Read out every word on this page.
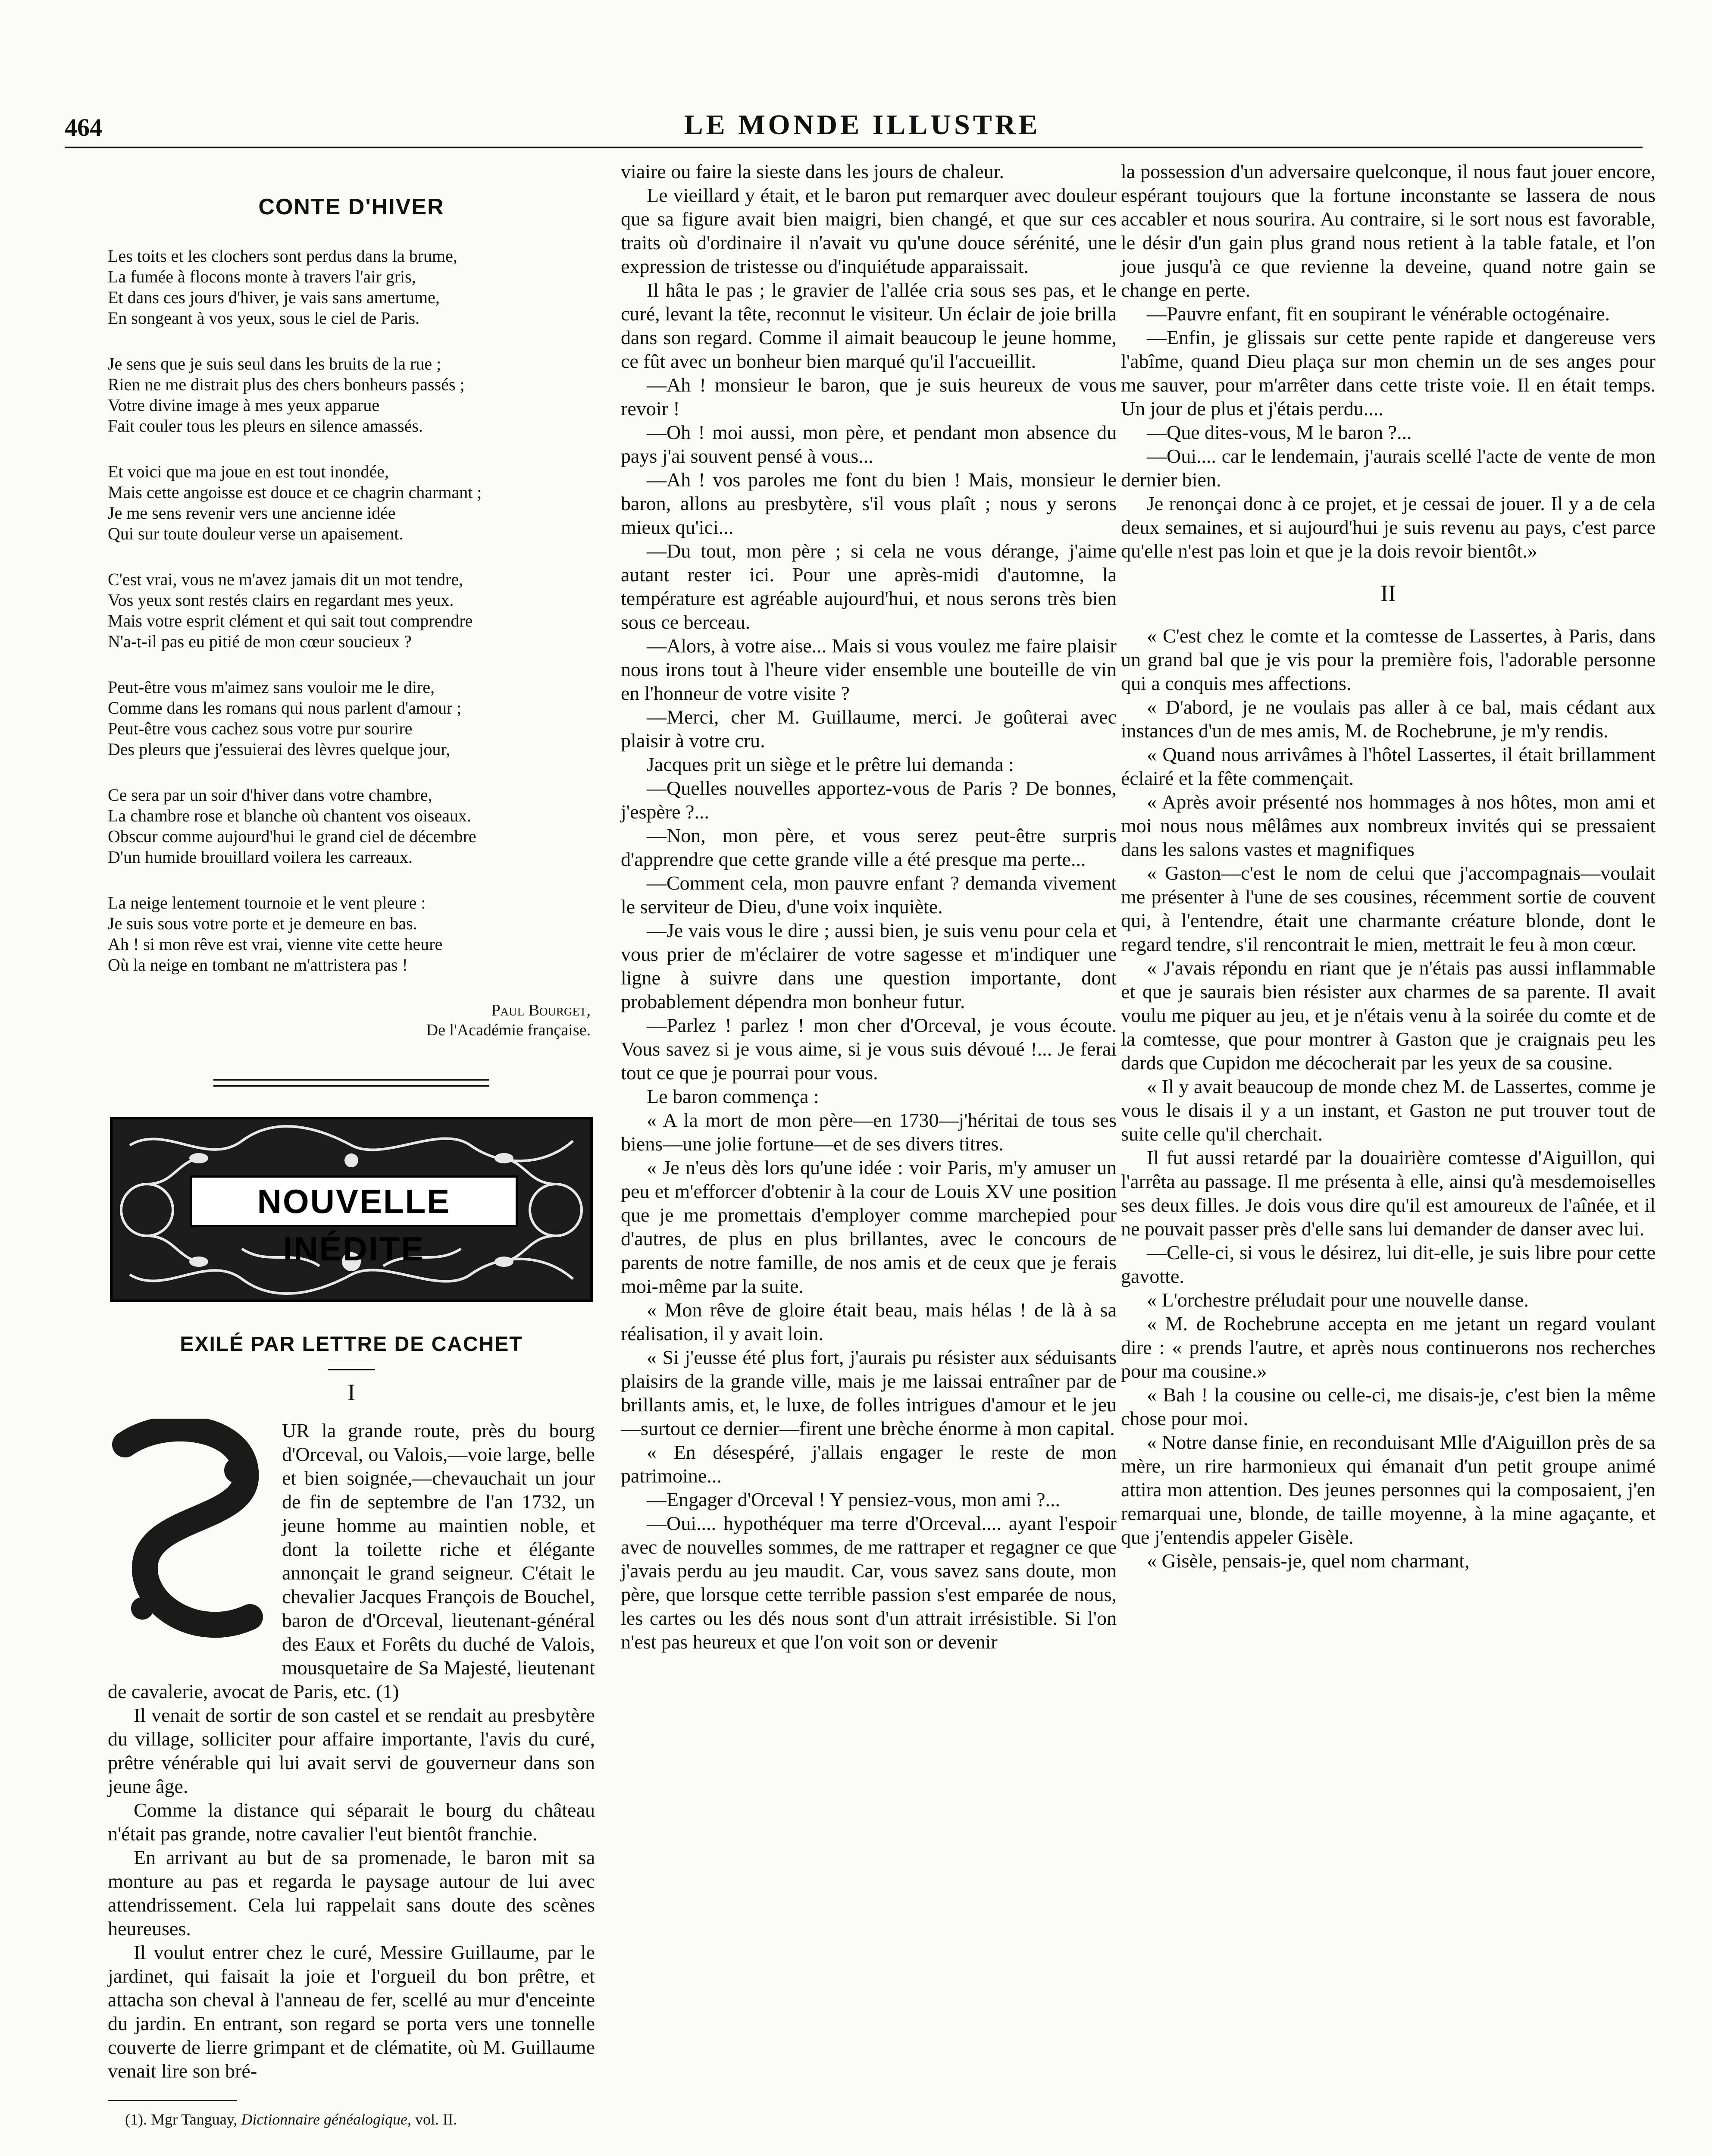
464	LE MONDE ILLUSTRE
CONTE D'HIVER
Les toits et les clochers sont perdus dans la brume,
La fumée à flocons monte à travers l'air gris,
Et dans ces jours d'hiver, je vais sans amertume,
En songeant à vos yeux, sous le ciel de Paris.
Je sens que je suis seul dans les bruits de la rue ;
Rien ne me distrait plus des chers bonheurs passés ;
Votre divine image à mes yeux apparue
Fait couler tous les pleurs en silence amassés.
Et voici que ma joue en est tout inondée,
Mais cette angoisse est douce et ce chagrin charmant ;
Je me sens revenir vers une ancienne idée
Qui sur toute douleur verse un apaisement.
C'est vrai, vous ne m'avez jamais dit un mot tendre,
Vos yeux sont restés clairs en regardant mes yeux.
Mais votre esprit clément et qui sait tout comprendre
N'a-t-il pas eu pitié de mon cœur soucieux ?
Peut-être vous m'aimez sans vouloir me le dire,
Comme dans les romans qui nous parlent d'amour ;
Peut-être vous cachez sous votre pur sourire
Des pleurs que j'essuierai des lèvres quelque jour,
Ce sera par un soir d'hiver dans votre chambre,
La chambre rose et blanche où chantent vos oiseaux.
Obscur comme aujourd'hui le grand ciel de décembre
D'un humide brouillard voilera les carreaux.
La neige lentement tournoie et le vent pleure :
Je suis sous votre porte et je demeure en bas.
Ah ! si mon rêve est vrai, vienne vite cette heure
Où la neige en tombant ne m'attristera pas !
Paul Bourget,
De l'Académie française.
NOUVELLE INÉDITE
EXILÉ PAR LETTRE DE CACHET
I

UR la grande route, près du bourg d'Orceval, ou Valois,—voie large, belle et bien soignée,—chevauchait un jour de fin de septembre de l'an 1732, un jeune homme au maintien noble, et dont la toilette riche et élégante annonçait le grand seigneur. C'était le chevalier Jacques François de Bouchel, baron de d'Orceval, lieutenant-général des Eaux et Forêts du duché de Valois, mousquetaire de Sa Majesté, lieutenant de cavalerie, avocat de Paris, etc. (1)

Il venait de sortir de son castel et se rendait au presbytère du village, solliciter pour affaire importante, l'avis du curé, prêtre vénérable qui lui avait servi de gouverneur dans son jeune âge.

Comme la distance qui séparait le bourg du château n'était pas grande, notre cavalier l'eut bientôt franchie.

En arrivant au but de sa promenade, le baron mit sa monture au pas et regarda le paysage autour de lui avec attendrissement. Cela lui rappelait sans doute des scènes heureuses.

Il voulut entrer chez le curé, Messire Guillaume, par le jardinet, qui faisait la joie et l'orgueil du bon prêtre, et attacha son cheval à l'anneau de fer, scellé au mur d'enceinte du jardin. En entrant, son regard se porta vers une tonnelle couverte de lierre grimpant et de clématite, où M. Guillaume venait lire son bré-

(1). Mgr Tanguay, Dictionnaire généalogique, vol. II.

viaire ou faire la sieste dans les jours de chaleur.

Le vieillard y était, et le baron put remarquer avec douleur que sa figure avait bien maigri, bien changé, et que sur ces traits où d'ordinaire il n'avait vu qu'une douce sérénité, une expression de tristesse ou d'inquiétude apparaissait.

Il hâta le pas ; le gravier de l'allée cria sous ses pas, et le curé, levant la tête, reconnut le visiteur. Un éclair de joie brilla dans son regard. Comme il aimait beaucoup le jeune homme, ce fût avec un bonheur bien marqué qu'il l'accueillit.

—Ah ! monsieur le baron, que je suis heureux de vous revoir !

—Oh ! moi aussi, mon père, et pendant mon absence du pays j'ai souvent pensé à vous...

—Ah ! vos paroles me font du bien ! Mais, monsieur le baron, allons au presbytère, s'il vous plaît ; nous y serons mieux qu'ici...

—Du tout, mon père ; si cela ne vous dérange, j'aime autant rester ici. Pour une après-midi d'automne, la température est agréable aujourd'hui, et nous serons très bien sous ce berceau.

—Alors, à votre aise... Mais si vous voulez me faire plaisir nous irons tout à l'heure vider ensemble une bouteille de vin en l'honneur de votre visite ?

—Merci, cher M. Guillaume, merci. Je goûterai avec plaisir à votre cru.

Jacques prit un siège et le prêtre lui demanda :

—Quelles nouvelles apportez-vous de Paris ? De bonnes, j'espère ?...

—Non, mon père, et vous serez peut-être surpris d'apprendre que cette grande ville a été presque ma perte...

—Comment cela, mon pauvre enfant ? demanda vivement le serviteur de Dieu, d'une voix inquiète.

—Je vais vous le dire ; aussi bien, je suis venu pour cela et vous prier de m'éclairer de votre sagesse et m'indiquer une ligne à suivre dans une question importante, dont probablement dépendra mon bonheur futur.

—Parlez ! parlez ! mon cher d'Orceval, je vous écoute. Vous savez si je vous aime, si je vous suis dévoué !... Je ferai tout ce que je pourrai pour vous.

Le baron commença :

« A la mort de mon père—en 1730—j'héritai de tous ses biens—une jolie fortune—et de ses divers titres.

« Je n'eus dès lors qu'une idée : voir Paris, m'y amuser un peu et m'efforcer d'obtenir à la cour de Louis XV une position que je me promettais d'employer comme marchepied pour d'autres, de plus en plus brillantes, avec le concours de parents de notre famille, de nos amis et de ceux que je ferais moi-même par la suite.

« Mon rêve de gloire était beau, mais hélas ! de là à sa réalisation, il y avait loin.

« Si j'eusse été plus fort, j'aurais pu résister aux séduisants plaisirs de la grande ville, mais je me laissai entraîner par de brillants amis, et, le luxe, de folles intrigues d'amour et le jeu—surtout ce dernier—firent une brèche énorme à mon capital.

« En désespéré, j'allais engager le reste de mon patrimoine...

—Engager d'Orceval ! Y pensiez-vous, mon ami ?...

—Oui.... hypothéquer ma terre d'Orceval.... ayant l'espoir avec de nouvelles sommes, de me rattraper et regagner ce que j'avais perdu au jeu maudit. Car, vous savez sans doute, mon père, que lorsque cette terrible passion s'est emparée de nous, les cartes ou les dés nous sont d'un attrait irrésistible. Si l'on n'est pas heureux et que l'on voit son or devenir

la possession d'un adversaire quelconque, il nous faut jouer encore, espérant toujours que la fortune inconstante se lassera de nous accabler et nous sourira. Au contraire, si le sort nous est favorable, le désir d'un gain plus grand nous retient à la table fatale, et l'on joue jusqu'à ce que revienne la deveine, quand notre gain se change en perte.

—Pauvre enfant, fit en soupirant le vénérable octogénaire.

—Enfin, je glissais sur cette pente rapide et dangereuse vers l'abîme, quand Dieu plaça sur mon chemin un de ses anges pour me sauver, pour m'arrêter dans cette triste voie. Il en était temps. Un jour de plus et j'étais perdu....

—Que dites-vous, M le baron ?...

—Oui.... car le lendemain, j'aurais scellé l'acte de vente de mon dernier bien.

Je renonçai donc à ce projet, et je cessai de jouer. Il y a de cela deux semaines, et si aujourd'hui je suis revenu au pays, c'est parce qu'elle n'est pas loin et que je la dois revoir bientôt.»

II

« C'est chez le comte et la comtesse de Lassertes, à Paris, dans un grand bal que je vis pour la première fois, l'adorable personne qui a conquis mes affections.

« D'abord, je ne voulais pas aller à ce bal, mais cédant aux instances d'un de mes amis, M. de Rochebrune, je m'y rendis.

« Quand nous arrivâmes à l'hôtel Lassertes, il était brillamment éclairé et la fête commençait.

« Après avoir présenté nos hommages à nos hôtes, mon ami et moi nous nous mêlâmes aux nombreux invités qui se pressaient dans les salons vastes et magnifiques

« Gaston—c'est le nom de celui que j'accompagnais—voulait me présenter à l'une de ses cousines, récemment sortie de couvent qui, à l'entendre, était une charmante créature blonde, dont le regard tendre, s'il rencontrait le mien, mettrait le feu à mon cœur.

« J'avais répondu en riant que je n'étais pas aussi inflammable et que je saurais bien résister aux charmes de sa parente. Il avait voulu me piquer au jeu, et je n'étais venu à la soirée du comte et de la comtesse, que pour montrer à Gaston que je craignais peu les dards que Cupidon me décocherait par les yeux de sa cousine.

« Il y avait beaucoup de monde chez M. de Lassertes, comme je vous le disais il y a un instant, et Gaston ne put trouver tout de suite celle qu'il cherchait.

Il fut aussi retardé par la douairière comtesse d'Aiguillon, qui l'arrêta au passage. Il me présenta à elle, ainsi qu'à mesdemoiselles ses deux filles. Je dois vous dire qu'il est amoureux de l'aînée, et il ne pouvait passer près d'elle sans lui demander de danser avec lui.

—Celle-ci, si vous le désirez, lui dit-elle, je suis libre pour cette gavotte.

« L'orchestre préludait pour une nouvelle danse.

« M. de Rochebrune accepta en me jetant un regard voulant dire : « prends l'autre, et après nous continuerons nos recherches pour ma cousine.»

« Bah ! la cousine ou celle-ci, me disais-je, c'est bien la même chose pour moi.

« Notre danse finie, en reconduisant Mlle d'Aiguillon près de sa mère, un rire harmonieux qui émanait d'un petit groupe animé attira mon attention. Des jeunes personnes qui la composaient, j'en remarquai une, blonde, de taille moyenne, à la mine agaçante, et que j'entendis appeler Gisèle.

« Gisèle, pensais-je, quel nom charmant,
